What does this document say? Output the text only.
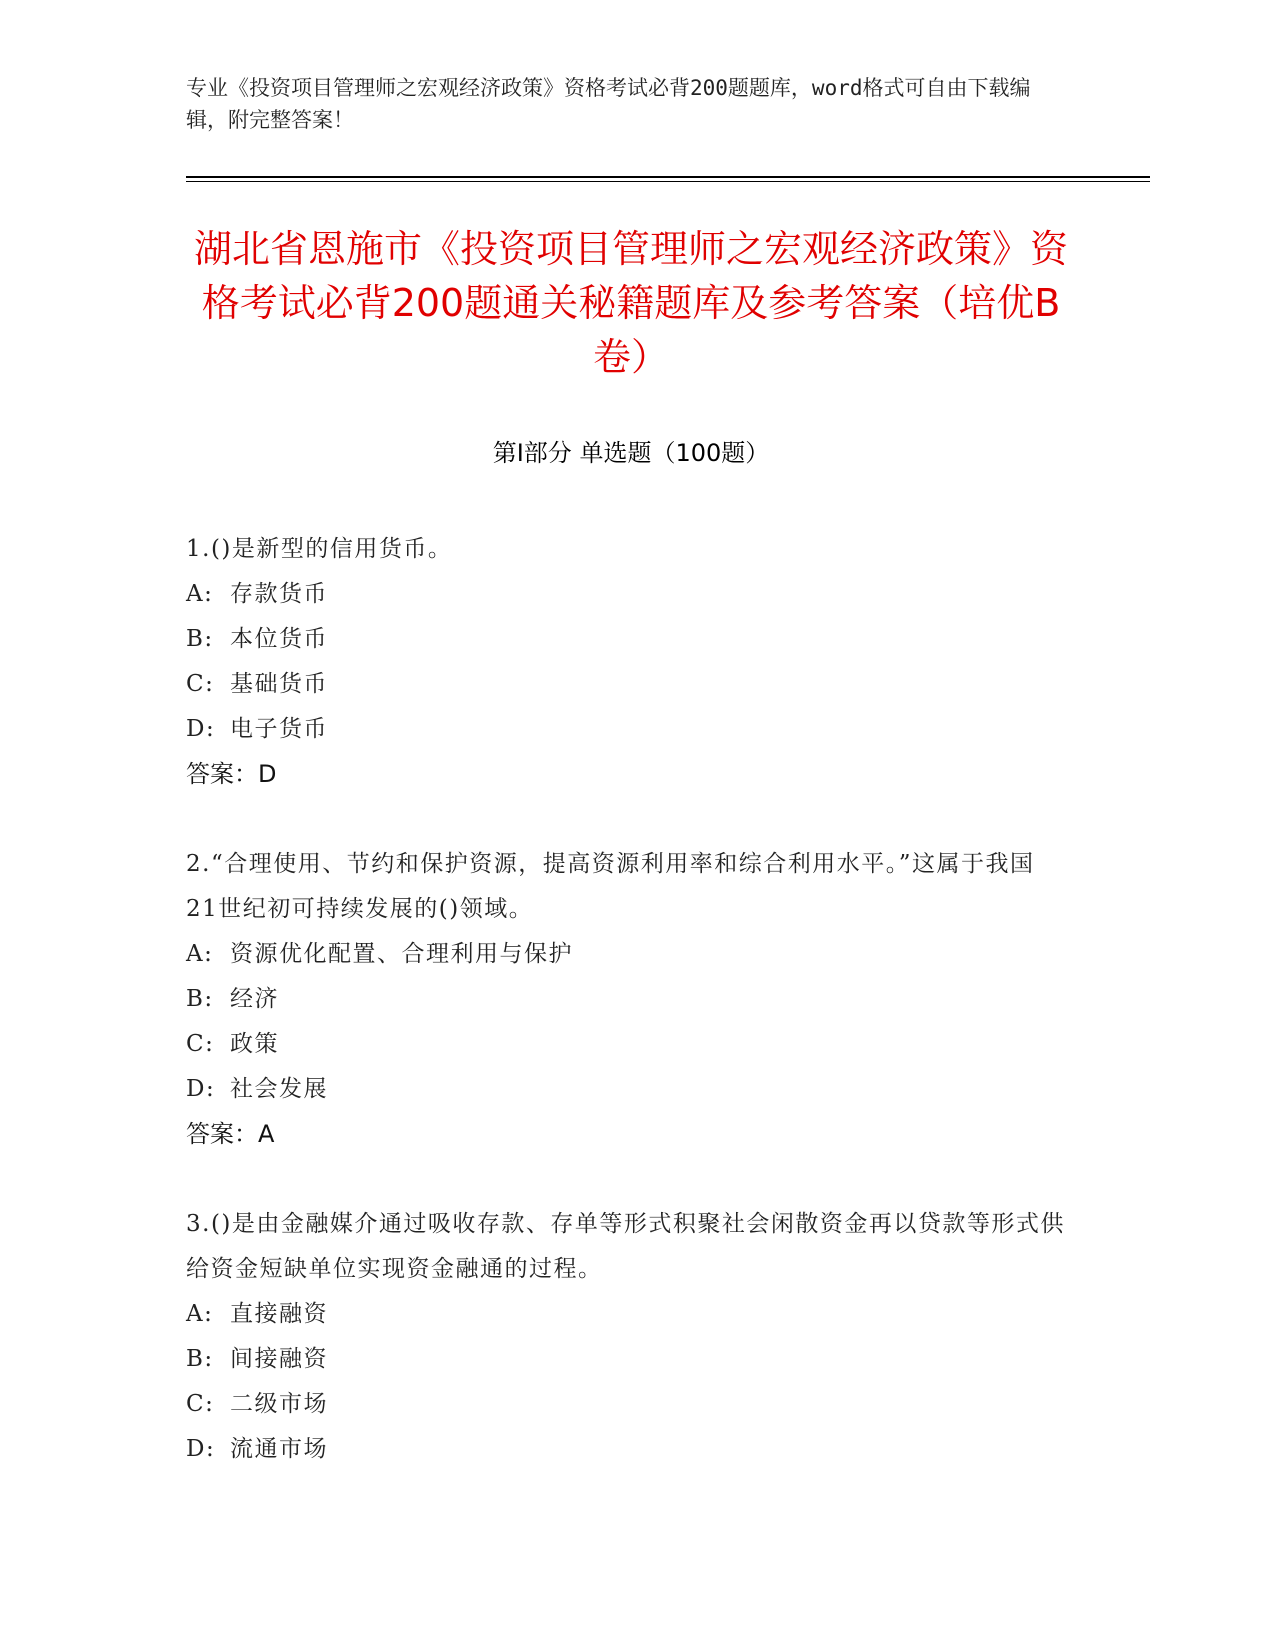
专业《投资项目管理师之宏观经济政策》资格考试必背200题题库，word格式可自由下载编辑，附完整答案！
湖北省恩施市《投资项目管理师之宏观经济政策》资格考试必背200题通关秘籍题库及参考答案（培优B卷）
第Ⅰ部分 单选题（100题）
1.()是新型的信用货币。
A: 存款货币
B: 本位货币
C: 基础货币
D: 电子货币
答案：D
2.“合理使用、节约和保护资源，提高资源利用率和综合利用水平。”这属于我国21世纪初可持续发展的()领域。
A: 资源优化配置、合理利用与保护
B: 经济
C: 政策
D: 社会发展
答案：A
3.()是由金融媒介通过吸收存款、存单等形式积聚社会闲散资金再以贷款等形式供给资金短缺单位实现资金融通的过程。
A: 直接融资
B: 间接融资
C: 二级市场
D: 流通市场
